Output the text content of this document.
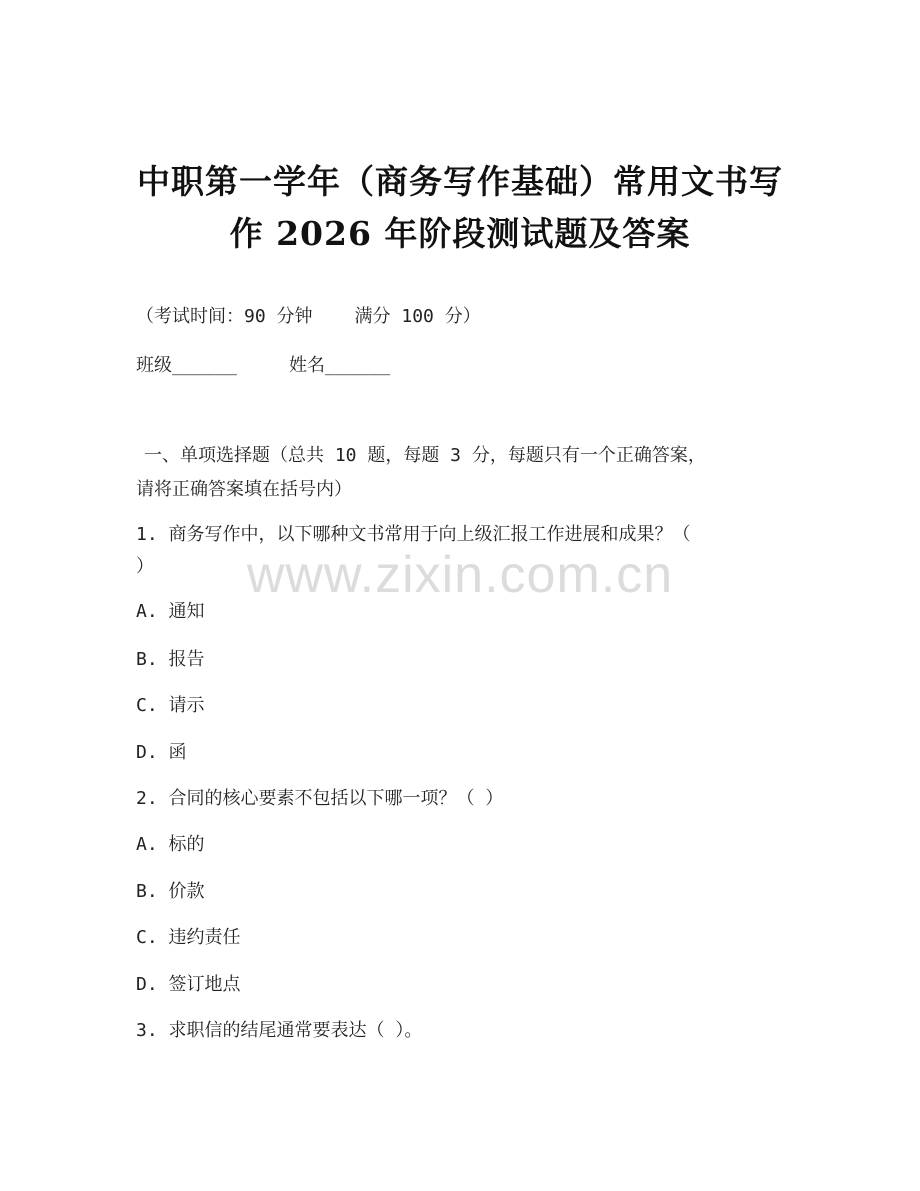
中职第一学年（商务写作基础）常用文书写
作 2026 年阶段测试题及答案
（考试时间：90 分钟 满分 100 分）
班级______	姓名______
一、单项选择题（总共 10 题，每题 3 分，每题只有一个正确答案，
请将正确答案填在括号内）
1. 商务写作中，以下哪种文书常用于向上级汇报工作进展和成果？（
）
A. 通知
B. 报告
C. 请示
D. 函
2. 合同的核心要素不包括以下哪一项？（ ）
A. 标的
B. 价款
C. 违约责任
D. 签订地点
3. 求职信的结尾通常要表达（ ）。
www.zixin.com.cn
